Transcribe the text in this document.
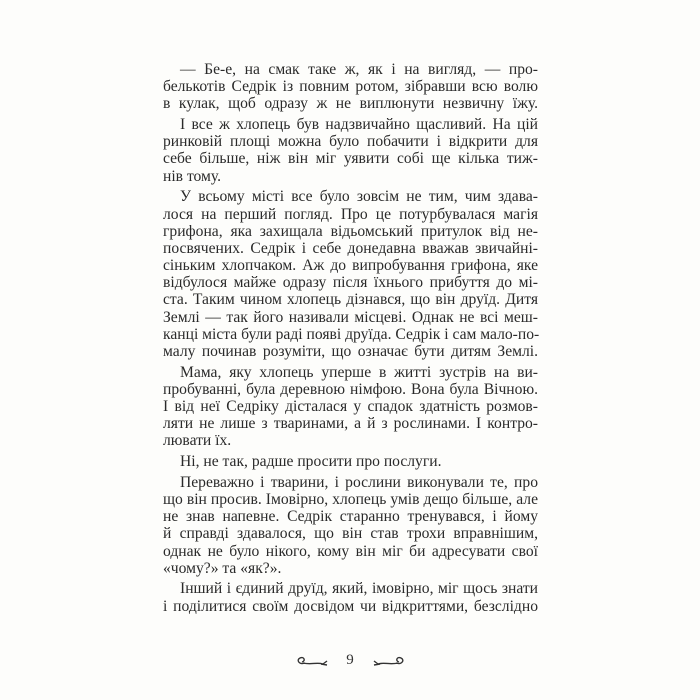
— Бе-е, на смак таке ж, як і на вигляд, — про-
белькотів Седрік із повним ротом, зібравши всю волю
в кулак, щоб одразу ж не виплюнути незвичну їжу.
І все ж хлопець був надзвичайно щасливий. На цій
ринковій площі можна було побачити і відкрити для
себе більше, ніж він міг уявити собі ще кілька тиж-
нів тому.
У всьому місті все було зовсім не тим, чим здава-
лося на перший погляд. Про це потурбувалася магія
грифона, яка захищала відьомський притулок від не-
посвячених. Седрік і себе донедавна вважав звичайні-
сіньким хлопчаком. Аж до випробування грифона, яке
відбулося майже одразу після їхнього прибуття до мі-
ста. Таким чином хлопець дізнався, що він друїд. Дитя
Землі — так його називали місцеві. Однак не всі меш-
канці міста були раді появі друїда. Седрік і сам мало-по-
малу починав розуміти, що означає бути дитям Землі.
Мама, яку хлопець уперше в житті зустрів на ви-
пробуванні, була деревною німфою. Вона була Вічною.
І від неї Седріку дісталася у спадок здатність розмов-
ляти не лише з тваринами, а й з рослинами. І контро-
лювати їх.
Ні, не так, радше просити про послуги.
Переважно і тварини, і рослини виконували те, про
що він просив. Імовірно, хлопець умів дещо більше, але
не знав напевне. Седрік старанно тренувався, і йому
й справді здавалося, що він став трохи вправнішим,
однак не було нікого, кому він міг би адресувати свої
«чому?» та «як?».
Інший і єдиний друїд, який, імовірно, міг щось знати
і поділитися своїм досвідом чи відкриттями, безслідно
9
